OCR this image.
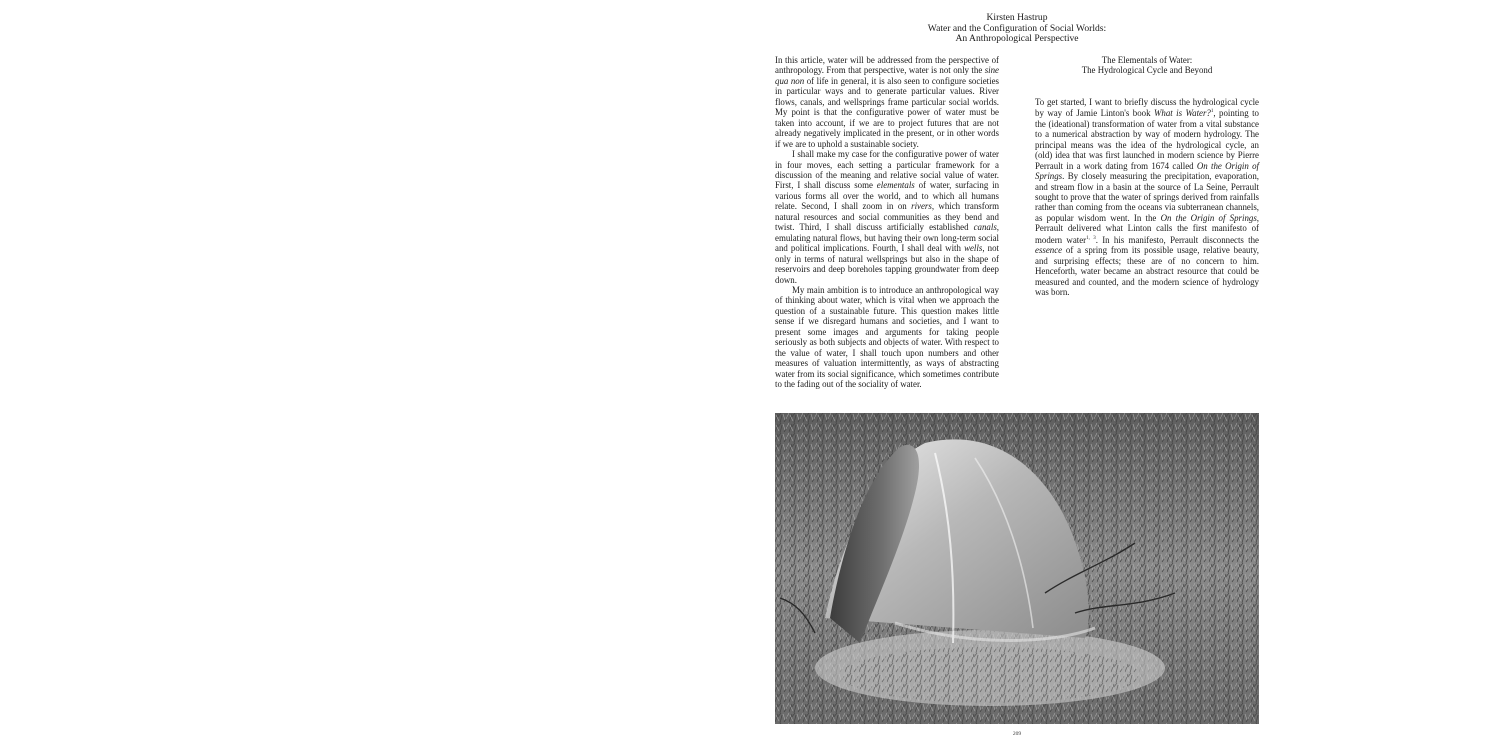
Kirsten Hastrup
Water and the Configuration of Social Worlds:
An Anthropological Perspective

In this article, water will be addressed from the perspective of anthropology. From that perspective, water is not only the sine qua non of life in general, it is also seen to configure societies in particular ways and to generate particular values. River flows, canals, and wellsprings frame particular social worlds. My point is that the configurative power of water must be taken into account, if we are to project futures that are not already negatively implicated in the present, or in other words if we are to uphold a sustainable society.

I shall make my case for the configurative power of water in four moves, each setting a particular framework for a discussion of the meaning and relative social value of water. First, I shall discuss some elementals of water, surfacing in various forms all over the world, and to which all humans relate. Second, I shall zoom in on rivers, which transform natural resources and social communities as they bend and twist. Third, I shall discuss artificially established canals, emulating natural flows, but having their own long-term social and political implications. Fourth, I shall deal with wells, not only in terms of natural wellsprings but also in the shape of reservoirs and deep boreholes tapping groundwater from deep down.

My main ambition is to introduce an anthropological way of thinking about water, which is vital when we approach the question of a sustainable future. This question makes little sense if we disregard humans and societies, and I want to present some images and arguments for taking people seriously as both subjects and objects of water. With respect to the value of water, I shall touch upon numbers and other measures of valuation intermittently, as ways of abstracting water from its social significance, which sometimes contribute to the fading out of the sociality of water.

The Elementals of Water:
The Hydrological Cycle and Beyond

To get started, I want to briefly discuss the hydrological cycle by way of Jamie Linton's book What is Water?$^1$, pointing to the (ideational) transformation of water from a vital substance to a numerical abstraction by way of modern hydrology. The principal means was the idea of the hydrological cycle, an (old) idea that was first launched in modern science by Pierre Perrault in a work dating from 1674 called On the Origin of Springs. By closely measuring the precipitation, evaporation, and stream flow in a basin at the source of La Seine, Perrault sought to prove that the water of springs derived from rainfalls rather than coming from the oceans via subterranean channels, as popular wisdom went. In the On the Origin of Springs, Perrault delivered what Linton calls the first manifesto of modern water$^{1, 3}$. In his manifesto, Perrault disconnects the essence of a spring from its possible usage, relative beauty, and surprising effects; these are of no concern to him. Henceforth, water became an abstract resource that could be measured and counted, and the modern science of hydrology was born.

209
